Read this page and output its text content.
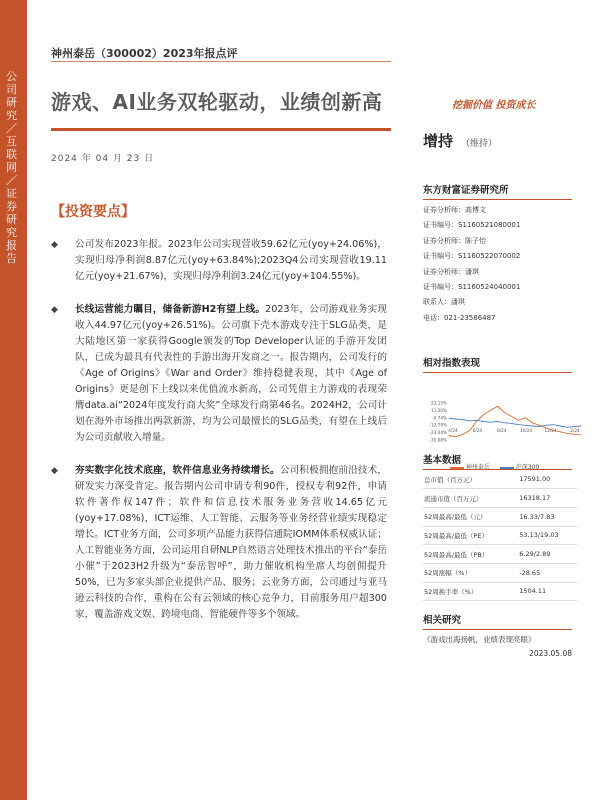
公司研究／互联网／证券研究报告
神州泰岳（300002）2023年报点评
游戏、AI业务双轮驱动，业绩创新高	挖掘价值 投资成长
增持 （维持）
2024 年 04 月 23 日
【投资要点】
◆ 公司发布2023年报。2023年公司实现营收59.62亿元(yoy+24.06%)，实现归母净利润8.87亿元(yoy+63.84%);2023Q4公司实现营收19.11亿元(yoy+21.67%)，实现归母净利润3.24亿元(yoy+104.55%)。

◆ 长线运营能力瞩目，储备新游H2有望上线。2023年，公司游戏业务实现收入44.97亿元(yoy+26.51%)。公司旗下壳木游戏专注于SLG品类，是大陆地区第一家获得Google颁发的Top Developer认证的手游开发团队，已成为最具有代表性的手游出海开发商之一。报告期内，公司发行的《Age of Origins》《War and Order》维持稳健表现，其中《Age of Origins》更是创下上线以来优值流水新高，公司凭借主力游戏的表现荣膺data.ai“2024年度发行商大奖”全球发行商第46名。2024H2，公司计划在海外市场推出两款新游，均为公司最擅长的SLG品类，有望在上线后为公司贡献收入增量。

◆ 夯实数字化技术底座，软件信息业务持续增长。公司积极拥抱前沿技术，研发实力深受肯定。报告期内公司申请专利90件，授权专利92件，申请软件著作权147件；软件和信息技术服务业务营收14.65亿元(yoy+17.08%)，ICT运维、人工智能、云服务等业务经营业绩实现稳定增长。ICT业务方面，公司多项产品能力获得信通院IOMM体系权威认证；人工智能业务方面，公司运用自研NLP自然语言处理技术推出的平台“泰岳小催”于2023H2升级为“泰岳智呼”，助力催收机构坐席人均创佣提升50%，已为多家头部企业提供产品、服务；云业务方面，公司通过与亚马逊云科技的合作，重构在公有云领域的核心竞争力，目前服务用户超300家，覆盖游戏文娱、跨境电商、智能硬件等多个领域。

东方财富证券研究所
证券分析师：高博文
证书编号：S1160521080001
证券分析师：陈子怡
证书编号：S1160522070002
证券分析师：潘琪
证书编号：S1160524040001
联系人：潘琪
电话：021-23586487
相对指数表现
23.15%
11.20%
-0.74%
-12.79%
-23.44%
-35.08%
4/24	6/24	8/24	10/24	12/24	2/24
神州泰岳	沪深300
基本数据
总市值（百万元）	17591.00
流通市值（百万元）	16318.17
52周最高/最低（元）	16.33/7.83
52周最高/最低（PE）	53.13/19.03
52周最高/最低（PB）	6.29/2.89
52周涨幅（%）	-28.65
52周换手率（%）	1504.11
相关研究
《游戏出海扬帆，业绩表现亮眼》
2023.05.08
